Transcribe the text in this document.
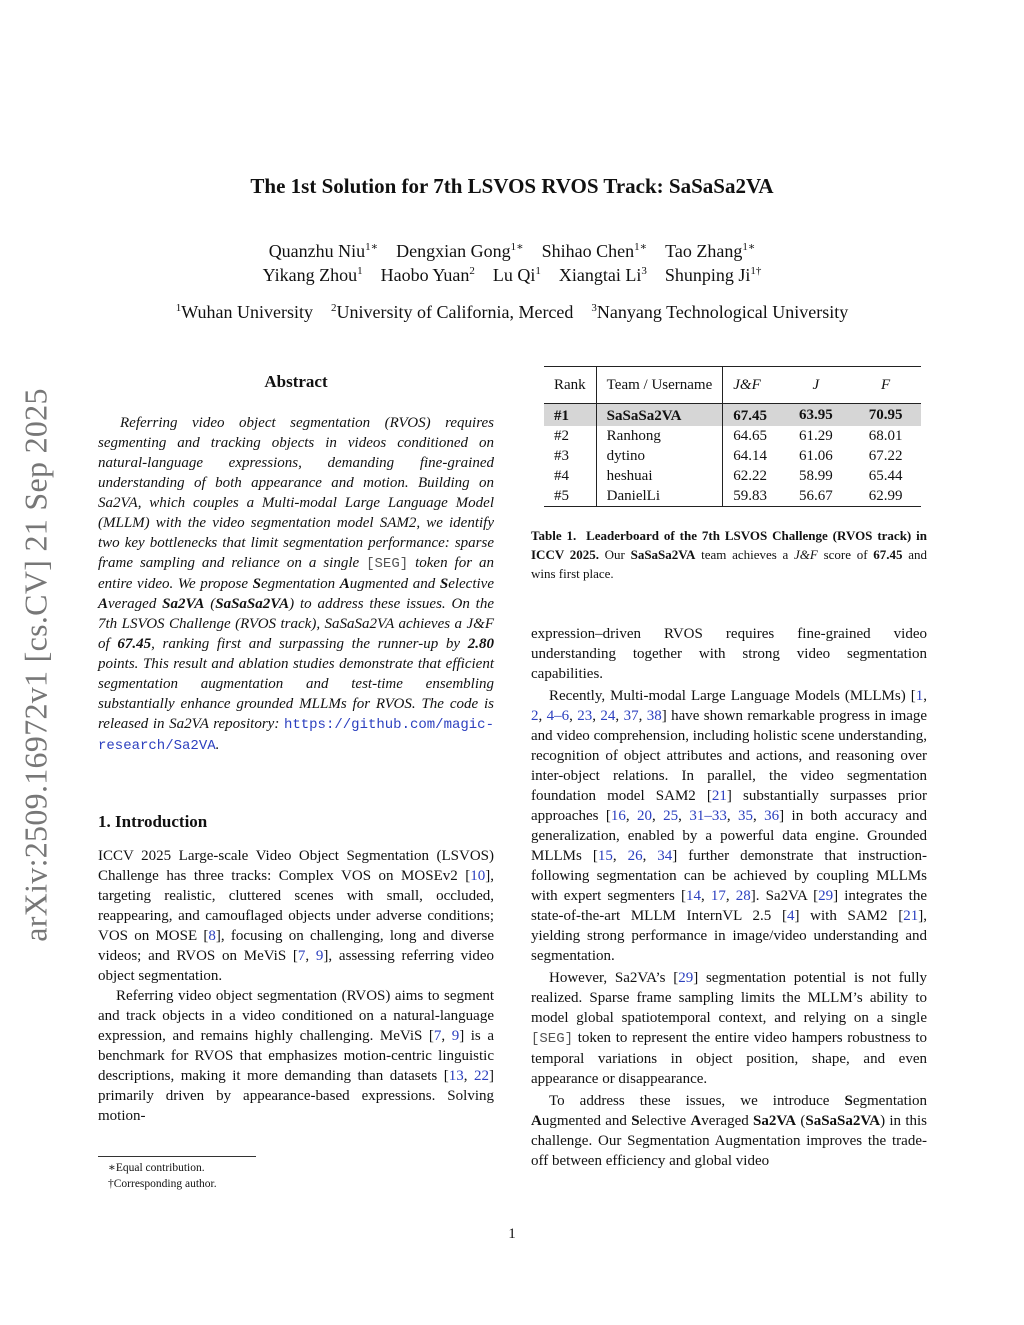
arXiv:2509.16972v1 [cs.CV] 21 Sep 2025
The 1st Solution for 7th LSVOS RVOS Track: SaSaSa2VA
Quanzhu Niu$^{1∗}$ Dengxian Gong$^{1∗}$ Shihao Chen$^{1∗}$ Tao Zhang$^{1∗}$
Yikang Zhou$^1$ Haobo Yuan$^2$ Lu Qi$^1$ Xiangtai Li$^3$ Shunping $Ji^{1\dagger}$
$^1$Wuhan University $^2$University of California, Merced $^3$Nanyang Technological University
Abstract

Referring video object segmentation (RVOS) requires segmenting and tracking objects in videos conditioned on natural-language expressions, demanding fine-grained understanding of both appearance and motion. Building on Sa2VA, which couples a Multi-modal Large Language Model (MLLM) with the video segmentation model SAM2, we identify two key bottlenecks that limit segmentation performance: sparse frame sampling and reliance on a single [SEG] token for an entire video. We propose Segmentation Augmented and Selective Averaged Sa2VA (SaSaSa2VA) to address these issues. On the 7th LSVOS Challenge (RVOS track), SaSaSa2VA achieves a J&F of 67.45, ranking first and surpassing the runner-up by 2.80 points. This result and ablation studies demonstrate that efficient segmentation augmentation and test-time ensembling substantially enhance grounded MLLMs for RVOS. The code is released in Sa2VA repository: https://github.com/magic-research/Sa2VA.

1. Introduction

ICCV 2025 Large-scale Video Object Segmentation (LSVOS) Challenge has three tracks: Complex VOS on MOSEv2 [10], targeting realistic, cluttered scenes with small, occluded, reappearing, and camouflaged objects under adverse conditions; VOS on MOSE [8], focusing on challenging, long and diverse videos; and RVOS on MeViS [7, 9], assessing referring video object segmentation.

Referring video object segmentation (RVOS) aims to segment and track objects in a video conditioned on a natural-language expression, and remains highly challenging. MeViS [7, 9] is a benchmark for RVOS that emphasizes motion-centric linguistic descriptions, making it more demanding than datasets [13, 22] primarily driven by appearance-based expressions. Solving motion-

∗Equal contribution.
†Corresponding author.
Rank	Team / Username	J&F	J	F
#1	SaSaSa2VA	67.45	63.95	70.95
#2	Ranhong	64.65	61.29	68.01
#3	dytino	64.14	61.06	67.22
#4	heshuai	62.22	58.99	65.44
#5	DanielLi	59.83	56.67	62.99
Table 1. Leaderboard of the 7th LSVOS Challenge (RVOS track) in ICCV 2025. Our SaSaSa2VA team achieves a J&F score of 67.45 and wins first place.

expression–driven RVOS requires fine-grained video understanding together with strong video segmentation capabilities.

Recently, Multi-modal Large Language Models (MLLMs) [1, 2, 4–6, 23, 24, 37, 38] have shown remarkable progress in image and video comprehension, including holistic scene understanding, recognition of object attributes and actions, and reasoning over inter-object relations. In parallel, the video segmentation foundation model SAM2 [21] substantially surpasses prior approaches [16, 20, 25, 31–33, 35, 36] in both accuracy and generalization, enabled by a powerful data engine. Grounded MLLMs [15, 26, 34] further demonstrate that instruction-following segmentation can be achieved by coupling MLLMs with expert segmenters [14, 17, 28]. Sa2VA [29] integrates the state-of-the-art MLLM InternVL 2.5 [4] with SAM2 [21], yielding strong performance in image/video understanding and segmentation.

However, Sa2VA’s [29] segmentation potential is not fully realized. Sparse frame sampling limits the MLLM’s ability to model global spatiotemporal context, and relying on a single [SEG] token to represent the entire video hampers robustness to temporal variations in object position, shape, and even appearance or disappearance.

To address these issues, we introduce Segmentation Augmented and Selective Averaged Sa2VA (SaSaSa2VA) in this challenge. Our Segmentation Augmentation improves the trade-off between efficiency and global video

1
